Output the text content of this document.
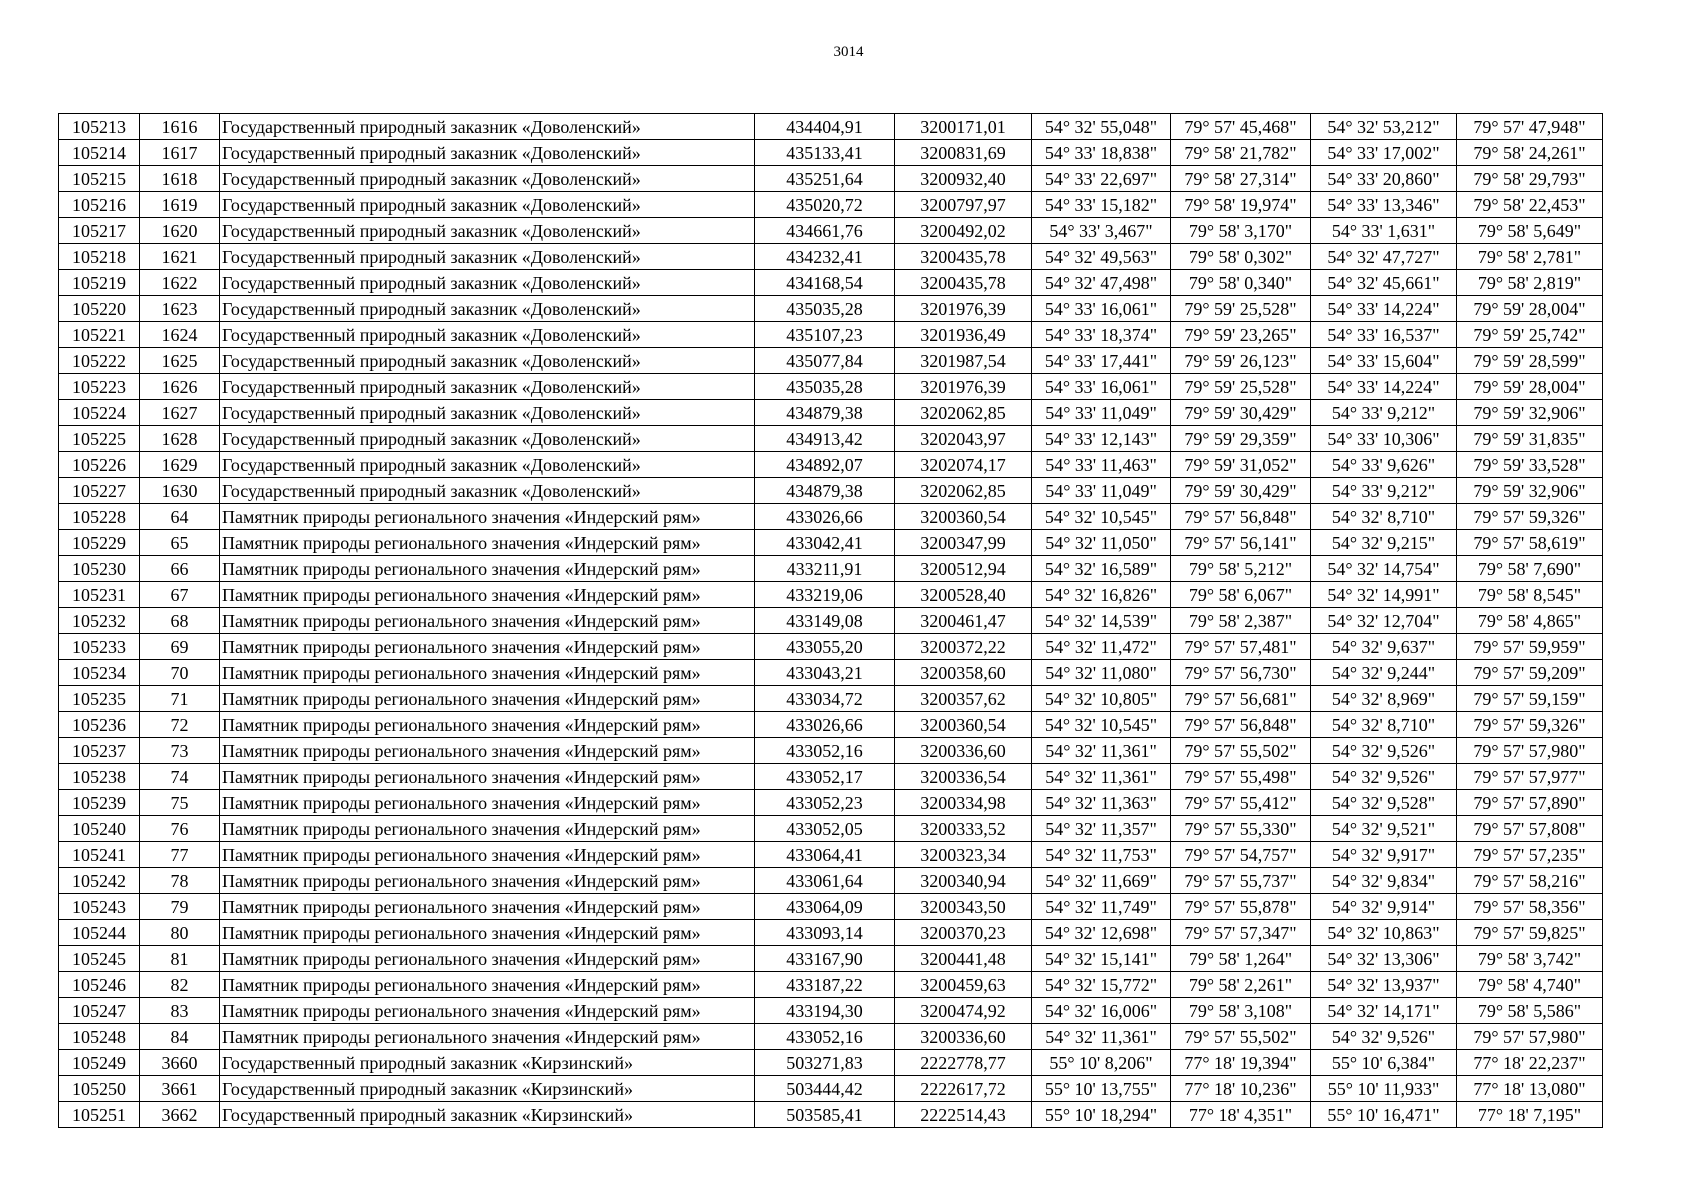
3014
105213	1616	Государственный природный заказник «Доволенский»	434404,91	3200171,01	54° 32' 55,048"	79° 57' 45,468"	54° 32' 53,212"	79° 57' 47,948"
105214	1617	Государственный природный заказник «Доволенский»	435133,41	3200831,69	54° 33' 18,838"	79° 58' 21,782"	54° 33' 17,002"	79° 58' 24,261"
105215	1618	Государственный природный заказник «Доволенский»	435251,64	3200932,40	54° 33' 22,697"	79° 58' 27,314"	54° 33' 20,860"	79° 58' 29,793"
105216	1619	Государственный природный заказник «Доволенский»	435020,72	3200797,97	54° 33' 15,182"	79° 58' 19,974"	54° 33' 13,346"	79° 58' 22,453"
105217	1620	Государственный природный заказник «Доволенский»	434661,76	3200492,02	54° 33' 3,467"	79° 58' 3,170"	54° 33' 1,631"	79° 58' 5,649"
105218	1621	Государственный природный заказник «Доволенский»	434232,41	3200435,78	54° 32' 49,563"	79° 58' 0,302"	54° 32' 47,727"	79° 58' 2,781"
105219	1622	Государственный природный заказник «Доволенский»	434168,54	3200435,78	54° 32' 47,498"	79° 58' 0,340"	54° 32' 45,661"	79° 58' 2,819"
105220	1623	Государственный природный заказник «Доволенский»	435035,28	3201976,39	54° 33' 16,061"	79° 59' 25,528"	54° 33' 14,224"	79° 59' 28,004"
105221	1624	Государственный природный заказник «Доволенский»	435107,23	3201936,49	54° 33' 18,374"	79° 59' 23,265"	54° 33' 16,537"	79° 59' 25,742"
105222	1625	Государственный природный заказник «Доволенский»	435077,84	3201987,54	54° 33' 17,441"	79° 59' 26,123"	54° 33' 15,604"	79° 59' 28,599"
105223	1626	Государственный природный заказник «Доволенский»	435035,28	3201976,39	54° 33' 16,061"	79° 59' 25,528"	54° 33' 14,224"	79° 59' 28,004"
105224	1627	Государственный природный заказник «Доволенский»	434879,38	3202062,85	54° 33' 11,049"	79° 59' 30,429"	54° 33' 9,212"	79° 59' 32,906"
105225	1628	Государственный природный заказник «Доволенский»	434913,42	3202043,97	54° 33' 12,143"	79° 59' 29,359"	54° 33' 10,306"	79° 59' 31,835"
105226	1629	Государственный природный заказник «Доволенский»	434892,07	3202074,17	54° 33' 11,463"	79° 59' 31,052"	54° 33' 9,626"	79° 59' 33,528"
105227	1630	Государственный природный заказник «Доволенский»	434879,38	3202062,85	54° 33' 11,049"	79° 59' 30,429"	54° 33' 9,212"	79° 59' 32,906"
105228	64	Памятник природы регионального значения «Индерский рям»	433026,66	3200360,54	54° 32' 10,545"	79° 57' 56,848"	54° 32' 8,710"	79° 57' 59,326"
105229	65	Памятник природы регионального значения «Индерский рям»	433042,41	3200347,99	54° 32' 11,050"	79° 57' 56,141"	54° 32' 9,215"	79° 57' 58,619"
105230	66	Памятник природы регионального значения «Индерский рям»	433211,91	3200512,94	54° 32' 16,589"	79° 58' 5,212"	54° 32' 14,754"	79° 58' 7,690"
105231	67	Памятник природы регионального значения «Индерский рям»	433219,06	3200528,40	54° 32' 16,826"	79° 58' 6,067"	54° 32' 14,991"	79° 58' 8,545"
105232	68	Памятник природы регионального значения «Индерский рям»	433149,08	3200461,47	54° 32' 14,539"	79° 58' 2,387"	54° 32' 12,704"	79° 58' 4,865"
105233	69	Памятник природы регионального значения «Индерский рям»	433055,20	3200372,22	54° 32' 11,472"	79° 57' 57,481"	54° 32' 9,637"	79° 57' 59,959"
105234	70	Памятник природы регионального значения «Индерский рям»	433043,21	3200358,60	54° 32' 11,080"	79° 57' 56,730"	54° 32' 9,244"	79° 57' 59,209"
105235	71	Памятник природы регионального значения «Индерский рям»	433034,72	3200357,62	54° 32' 10,805"	79° 57' 56,681"	54° 32' 8,969"	79° 57' 59,159"
105236	72	Памятник природы регионального значения «Индерский рям»	433026,66	3200360,54	54° 32' 10,545"	79° 57' 56,848"	54° 32' 8,710"	79° 57' 59,326"
105237	73	Памятник природы регионального значения «Индерский рям»	433052,16	3200336,60	54° 32' 11,361"	79° 57' 55,502"	54° 32' 9,526"	79° 57' 57,980"
105238	74	Памятник природы регионального значения «Индерский рям»	433052,17	3200336,54	54° 32' 11,361"	79° 57' 55,498"	54° 32' 9,526"	79° 57' 57,977"
105239	75	Памятник природы регионального значения «Индерский рям»	433052,23	3200334,98	54° 32' 11,363"	79° 57' 55,412"	54° 32' 9,528"	79° 57' 57,890"
105240	76	Памятник природы регионального значения «Индерский рям»	433052,05	3200333,52	54° 32' 11,357"	79° 57' 55,330"	54° 32' 9,521"	79° 57' 57,808"
105241	77	Памятник природы регионального значения «Индерский рям»	433064,41	3200323,34	54° 32' 11,753"	79° 57' 54,757"	54° 32' 9,917"	79° 57' 57,235"
105242	78	Памятник природы регионального значения «Индерский рям»	433061,64	3200340,94	54° 32' 11,669"	79° 57' 55,737"	54° 32' 9,834"	79° 57' 58,216"
105243	79	Памятник природы регионального значения «Индерский рям»	433064,09	3200343,50	54° 32' 11,749"	79° 57' 55,878"	54° 32' 9,914"	79° 57' 58,356"
105244	80	Памятник природы регионального значения «Индерский рям»	433093,14	3200370,23	54° 32' 12,698"	79° 57' 57,347"	54° 32' 10,863"	79° 57' 59,825"
105245	81	Памятник природы регионального значения «Индерский рям»	433167,90	3200441,48	54° 32' 15,141"	79° 58' 1,264"	54° 32' 13,306"	79° 58' 3,742"
105246	82	Памятник природы регионального значения «Индерский рям»	433187,22	3200459,63	54° 32' 15,772"	79° 58' 2,261"	54° 32' 13,937"	79° 58' 4,740"
105247	83	Памятник природы регионального значения «Индерский рям»	433194,30	3200474,92	54° 32' 16,006"	79° 58' 3,108"	54° 32' 14,171"	79° 58' 5,586"
105248	84	Памятник природы регионального значения «Индерский рям»	433052,16	3200336,60	54° 32' 11,361"	79° 57' 55,502"	54° 32' 9,526"	79° 57' 57,980"
105249	3660	Государственный природный заказник «Кирзинский»	503271,83	2222778,77	55° 10' 8,206"	77° 18' 19,394"	55° 10' 6,384"	77° 18' 22,237"
105250	3661	Государственный природный заказник «Кирзинский»	503444,42	2222617,72	55° 10' 13,755"	77° 18' 10,236"	55° 10' 11,933"	77° 18' 13,080"
105251	3662	Государственный природный заказник «Кирзинский»	503585,41	2222514,43	55° 10' 18,294"	77° 18' 4,351"	55° 10' 16,471"	77° 18' 7,195"
